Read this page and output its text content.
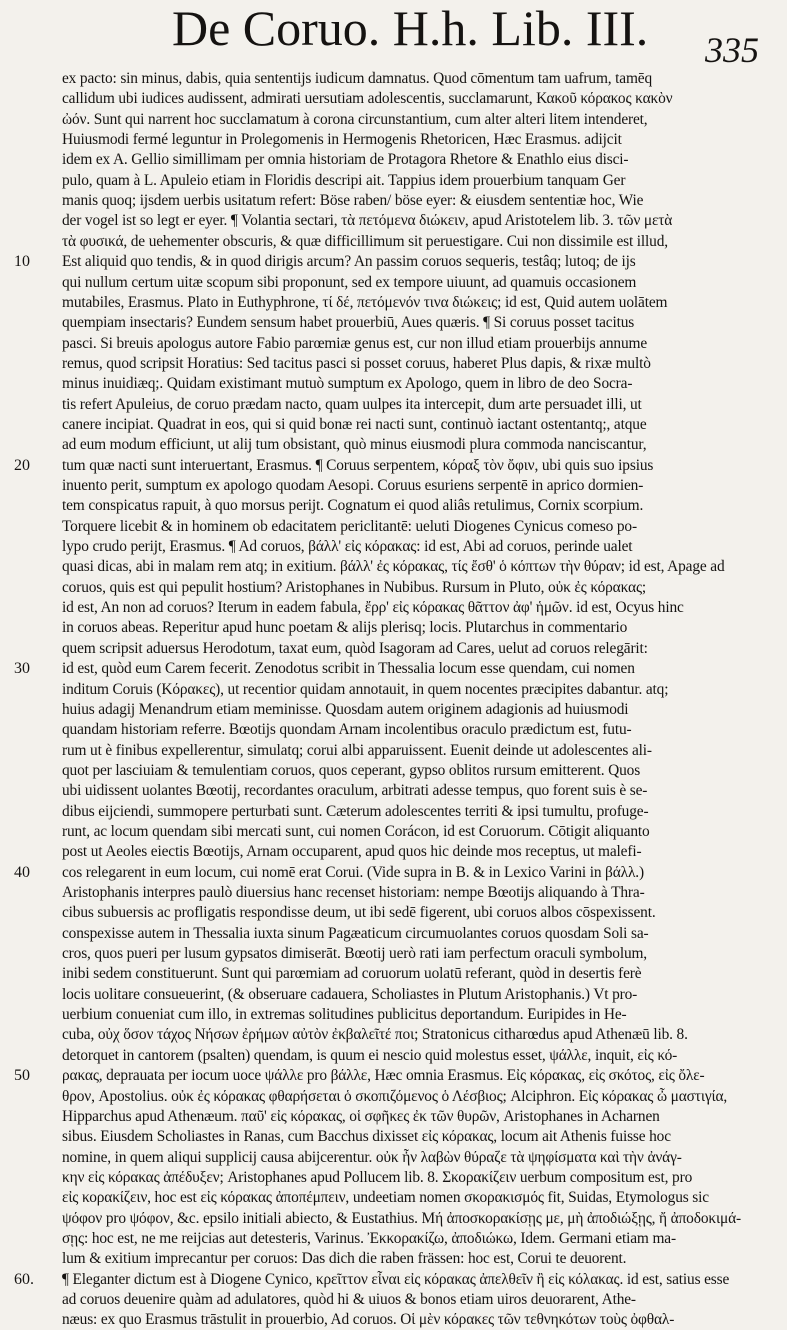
De Coruo. H.h. Lib. III. 335
ex pacto: sin minus, dabis, quia sententijs iudicum damnatus. Quod cōmentum tam uafrum, tamēq
callidum ubi iudices audissent, admirati uersutiam adolescentis, succlamarunt, Κακοῦ κόρακος κακὸν
ὠόν. Sunt qui narrent hoc succlamatum à corona circunstantium, cum alter alteri litem intenderet,
Huiusmodi fermé leguntur in Prolegomenis in Hermogenis Rhetoricen, Hæc Erasmus. adijcit
idem ex A. Gellio simillimam per omnia historiam de Protagora Rhetore & Enathlo eius disci-
pulo, quam à L. Apuleio etiam in Floridis descripi ait. Tappius idem prouerbium tanquam Ger
manis quoq; ijsdem uerbis usitatum refert: Böse raben/ böse eyer: & eiusdem sententiæ hoc, Wie
der vogel ist so legt er eyer. ¶ Volantia sectari, τὰ πετόμενα διώκειν, apud Aristotelem lib. 3. τῶν μετὰ
τὰ φυσικά, de uehementer obscuris, & quæ difficillimum sit peruestigare. Cui non dissimile est illud,
Est aliquid quo tendis, & in quod dirigis arcum? An passim coruos sequeris, testâq; lutoq; de ijs
qui nullum certum uitæ scopum sibi proponunt, sed ex tempore uiuunt, ad quamuis occasionem
mutabiles, Erasmus. Plato in Euthyphrone, τί δέ, πετόμενόν τινα διώκεις; id est, Quid autem uolātem
quempiam insectaris? Eundem sensum habet prouerbiū, Aues quæris. ¶ Si coruus posset tacitus
pasci. Si breuis apologus autore Fabio parœmiæ genus est, cur non illud etiam prouerbijs annume
remus, quod scripsit Horatius: Sed tacitus pasci si posset coruus, haberet Plus dapis, & rixæ multò
minus inuidiæq;. Quidam existimant mutuò sumptum ex Apologo, quem in libro de deo Socra-
tis refert Apuleius, de coruo prædam nacto, quam uulpes ita intercepit, dum arte persuadet illi, ut
canere incipiat. Quadrat in eos, qui si quid bonæ rei nacti sunt, continuò iactant ostentantq;, atque
ad eum modum efficiunt, ut alij tum obsistant, quò minus eiusmodi plura commoda nanciscantur,
tum quæ nacti sunt interuertant, Erasmus. ¶ Coruus serpentem, κόραξ τὸν ὄφιν, ubi quis suo ipsius
inuento perit, sumptum ex apologo quodam Aesopi. Coruus esuriens serpentē in aprico dormien-
tem conspicatus rapuit, à quo morsus perijt. Cognatum ei quod aliâs retulimus, Cornix scorpium.
Torquere licebit & in hominem ob edacitatem periclitantē: ueluti Diogenes Cynicus comeso po-
lypo crudo perijt, Erasmus. ¶ Ad coruos, βάλλ' εἰς κόρακας: id est, Abi ad coruos, perinde ualet
quasi dicas, abi in malam rem atq; in exitium. βάλλ' ἐς κόρακας, τίς ἔσθ' ὁ κόπτων τὴν θύραν; id est, Apage ad
coruos, quis est qui pepulit hostium? Aristophanes in Nubibus. Rursum in Pluto, οὐκ ἐς κόρακας;
id est, An non ad coruos? Iterum in eadem fabula, ἔρρ' εἰς κόρακας θᾶττον ἀφ' ἡμῶν. id est, Ocyus hinc
in coruos abeas. Reperitur apud hunc poetam & alijs plerisq; locis. Plutarchus in commentario
quem scripsit aduersus Herodotum, taxat eum, quòd Isagoram ad Cares, uelut ad coruos relegārit:
id est, quòd eum Carem fecerit. Zenodotus scribit in Thessalia locum esse quendam, cui nomen
inditum Coruis (Κόρακες), ut recentior quidam annotauit, in quem nocentes præcipites dabantur. atq;
huius adagij Menandrum etiam meminisse. Quosdam autem originem adagionis ad huiusmodi
quandam historiam referre. Bœotijs quondam Arnam incolentibus oraculo prædictum est, futu-
rum ut è finibus expellerentur, simulatq; corui albi apparuissent. Euenit deinde ut adolescentes ali-
quot per lasciuiam & temulentiam coruos, quos ceperant, gypso oblitos rursum emitterent. Quos
ubi uidissent uolantes Bœotij, recordantes oraculum, arbitrati adesse tempus, quo forent suis è se-
dibus eijciendi, summopere perturbati sunt. Cæterum adolescentes territi & ipsi tumultu, profuge-
runt, ac locum quendam sibi mercati sunt, cui nomen Corácon, id est Coruorum. Cōtigit aliquanto
post ut Aeoles eiectis Bœotijs, Arnam occuparent, apud quos hic deinde mos receptus, ut malefi-
cos relegarent in eum locum, cui nomē erat Corui. (Vide supra in B. & in Lexico Varini in βάλλ.)
Aristophanis interpres paulò diuersius hanc recenset historiam: nempe Bœotijs aliquando à Thra-
cibus subuersis ac profligatis respondisse deum, ut ibi sedē figerent, ubi coruos albos cōspexissent.
conspexisse autem in Thessalia iuxta sinum Pagæaticum circumuolantes coruos quosdam Soli sa-
cros, quos pueri per lusum gypsatos dimiserāt. Bœotij uerò rati iam perfectum oraculi symbolum,
inibi sedem constituerunt. Sunt qui parœmiam ad coruorum uolatū referant, quòd in desertis ferè
locis uolitare consueuerint, (& obseruare cadauera, Scholiastes in Plutum Aristophanis.) Vt pro-
uerbium conueniat cum illo, in extremas solitudines publicitus deportandum. Euripides in He-
cuba, οὐχ ὅσον τάχος Νήσων ἐρήμων αὐτὸν ἐκβαλεῖτέ ποι; Stratonicus citharœdus apud Athenæū lib. 8.
detorquet in cantorem (psalten) quendam, is quum ei nescio quid molestus esset, ψάλλε, inquit, εἰς κό-
ρακας, deprauata per iocum uoce ψάλλε pro βάλλε, Hæc omnia Erasmus. Εἰς κόρακας, εἰς σκότος, εἰς ὄλε-
θρον, Apostolius. οὐκ ἐς κόρακας φθαρήσεται ὁ σκοπιζόμενος ὁ Λέσβιος; Alciphron. Εἰς κόρακας ὦ μαστιγία,
Hipparchus apud Athenæum. παῦ' εἰς κόρακας, οἱ σφῆκες ἐκ τῶν θυρῶν, Aristophanes in Acharnen
sibus. Eiusdem Scholiastes in Ranas, cum Bacchus dixisset εἰς κόρακας, locum ait Athenis fuisse hoc
nomine, in quem aliqui supplicij causa abijcerentur. οὐκ ἦν λαβὼν θύραζε τὰ ψηφίσματα καὶ τὴν ἀνάγ-
κην εἰς κόρακας ἀπέδυξεν; Aristophanes apud Pollucem lib. 8. Σκορακίζειν uerbum compositum est, pro
εἰς κορακίζειν, hoc est εἰς κόρακας ἀποπέμπειν, undeetiam nomen σκορακισμός fit, Suidas, Etymologus sic
ψόφον pro ψόφον, &c. epsilo initiali abiecto, & Eustathius. Μή ἀποσκορακίσῃς με, μὴ ἀποδιώξῃς, ἤ ἀποδοκιμά-
σῃς: hoc est, ne me reijcias aut detesteris, Varinus. Ἐκκορακίζω, ἀποδιώκω, Idem. Germani etiam ma-
lum & exitium imprecantur per coruos: Das dich die raben frässen: hoc est, Corui te deuorent.
¶ Eleganter dictum est à Diogene Cynico, κρεῖττον εἶναι εἰς κόρακας ἀπελθεῖν ἢ εἰς κόλακας. id est, satius esse
ad coruos deuenire quàm ad adulatores, quòd hi & uiuos & bonos etiam uiros deuorarent, Athe-
næus: ex quo Erasmus trāstulit in prouerbio, Ad coruos. Οἱ μὲν κόρακες τῶν τεθνηκότων τοὺς ὀφθαλ-
10
20
30
40
50
60.
